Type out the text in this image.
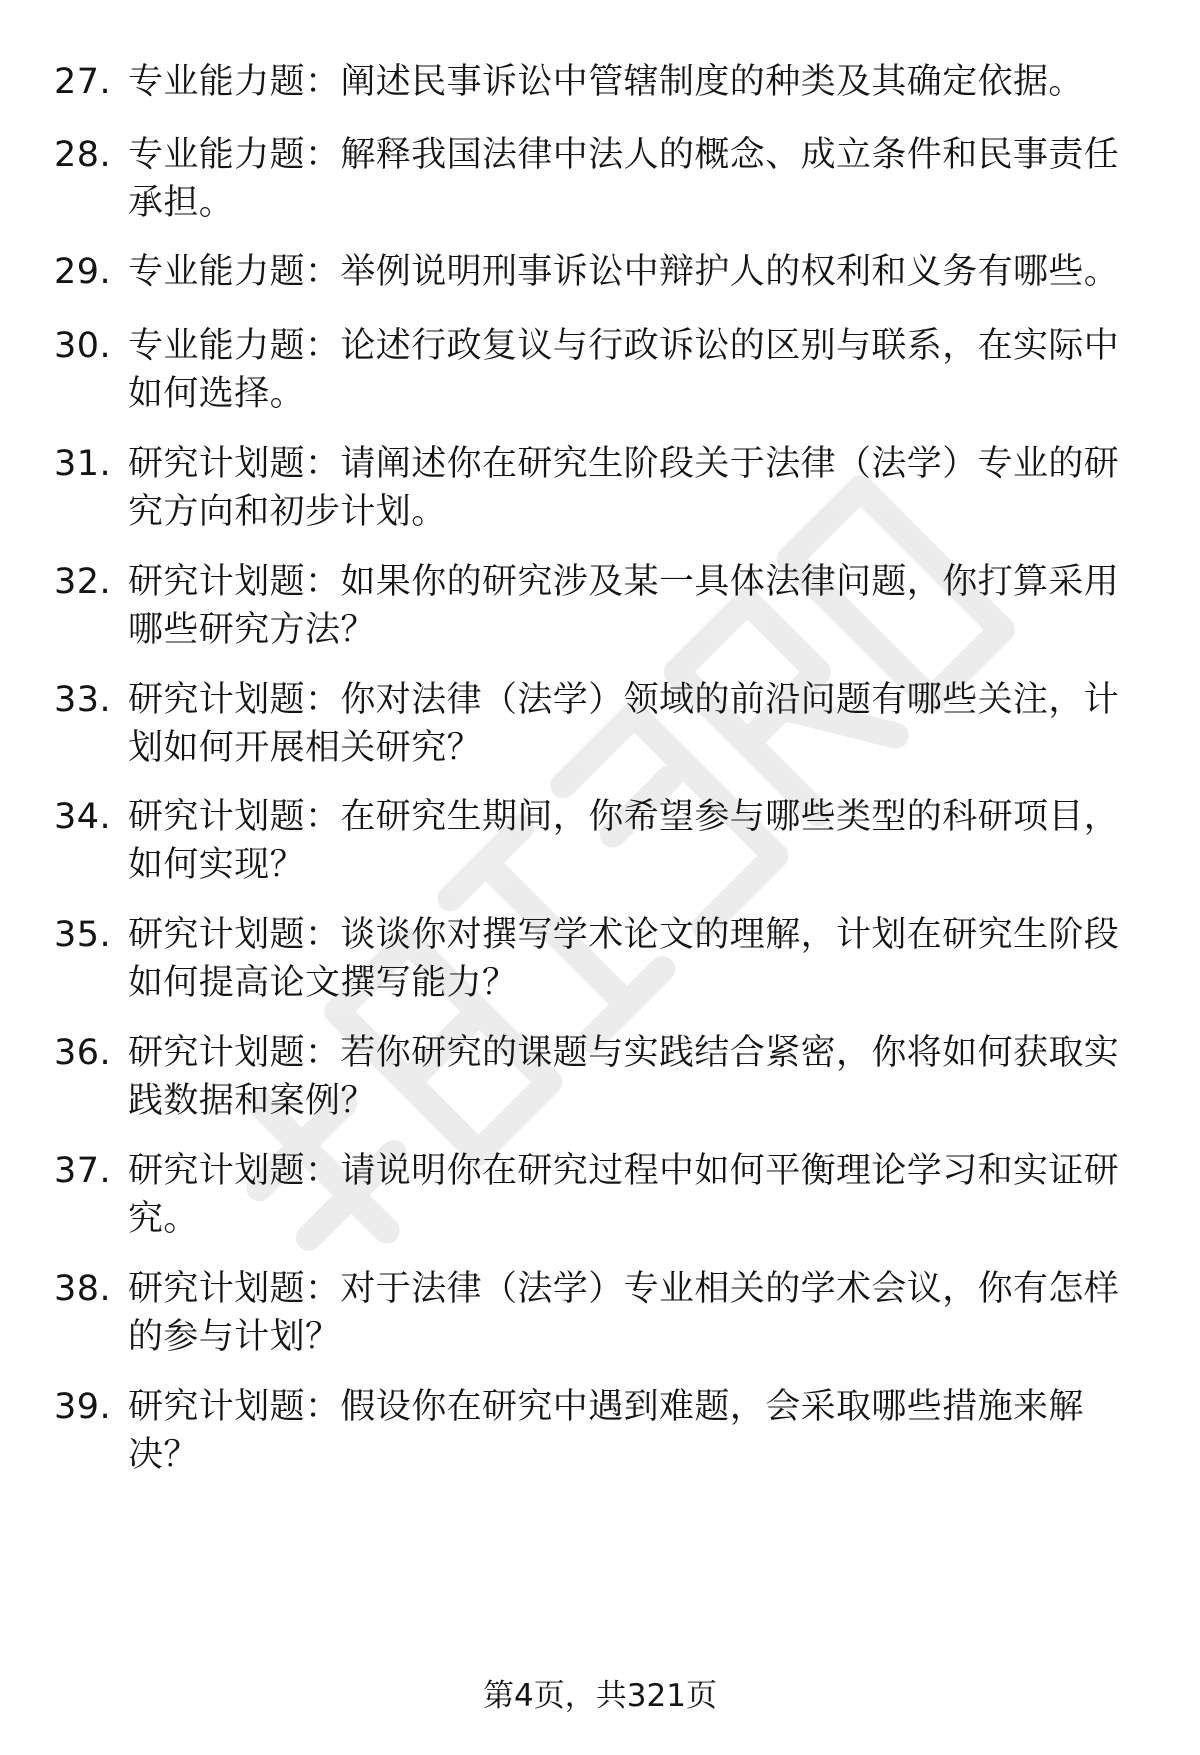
27. 专业能力题：阐述民事诉讼中管辖制度的种类及其确定依据。
28. 专业能力题：解释我国法律中法人的概念、成立条件和民事责任承担。
29. 专业能力题：举例说明刑事诉讼中辩护人的权利和义务有哪些。
30. 专业能力题：论述行政复议与行政诉讼的区别与联系，在实际中如何选择。
31. 研究计划题：请阐述你在研究生阶段关于法律（法学）专业的研究方向和初步计划。
32. 研究计划题：如果你的研究涉及某一具体法律问题，你打算采用哪些研究方法？
33. 研究计划题：你对法律（法学）领域的前沿问题有哪些关注，计划如何开展相关研究？
34. 研究计划题：在研究生期间，你希望参与哪些类型的科研项目，如何实现？
35. 研究计划题：谈谈你对撰写学术论文的理解，计划在研究生阶段如何提高论文撰写能力？
36. 研究计划题：若你研究的课题与实践结合紧密，你将如何获取实践数据和案例？
37. 研究计划题：请说明你在研究过程中如何平衡理论学习和实证研究。
38. 研究计划题：对于法律（法学）专业相关的学术会议，你有怎样的参与计划？
39. 研究计划题：假设你在研究中遇到难题，会采取哪些措施来解决？
第4页，共321页
